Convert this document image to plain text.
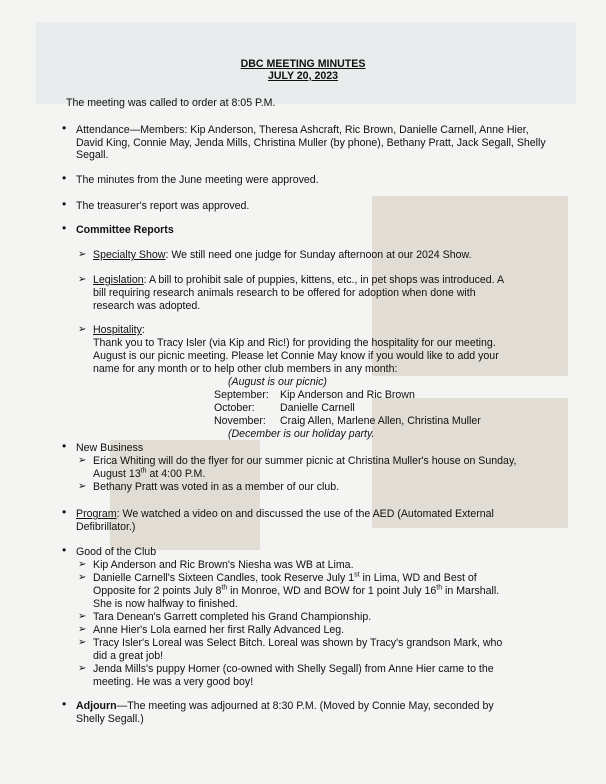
DBC MEETING MINUTES
JULY 20, 2023
The meeting was called to order at 8:05 P.M.
• Attendance—Members: Kip Anderson, Theresa Ashcraft, Ric Brown, Danielle Carnell, Anne Hier, David King, Connie May, Jenda Mills, Christina Muller (by phone), Bethany Pratt, Jack Segall, Shelly Segall.
• The minutes from the June meeting were approved.
• The treasurer's report was approved.
• Committee Reports
➢ Specialty Show: We still need one judge for Sunday afternoon at our 2024 Show.
➢ Legislation: A bill to prohibit sale of puppies, kittens, etc., in pet shops was introduced. A
bill requiring research animals research to be offered for adoption when done with
research was adopted.
➢ Hospitality:
Thank you to Tracy Isler (via Kip and Ric!) for providing the hospitality for our meeting.
August is our picnic meeting. Please let Connie May know if you would like to add your
name for any month or to help other club members in any month:
(August is our picnic)
September:	Kip Anderson and Ric Brown
October:	Danielle Carnell
November:	Craig Allen, Marlene Allen, Christina Muller
(December is our holiday party.
• New Business
➢ Erica Whiting will do the flyer for our summer picnic at Christina Muller's house on Sunday,
August 13th at 4:00 P.M.
➢ Bethany Pratt was voted in as a member of our club.
• Program: We watched a video on and discussed the use of the AED (Automated External
Defibrillator.)
• Good of the Club
➢ Kip Anderson and Ric Brown's Niesha was WB at Lima.
➢ Danielle Carnell's Sixteen Candles, took Reserve July 1st in Lima, WD and Best of
Opposite for 2 points July 8th in Monroe, WD and BOW for 1 point July 16th in Marshall.
She is now halfway to finished.
➢ Tara Denean's Garrett completed his Grand Championship.
➢ Anne Hier's Lola earned her first Rally Advanced Leg.
➢ Tracy Isler's Loreal was Select Bitch. Loreal was shown by Tracy's grandson Mark, who
did a great job!
➢ Jenda Mills's puppy Homer (co-owned with Shelly Segall) from Anne Hier came to the
meeting. He was a very good boy!
• Adjourn—The meeting was adjourned at 8:30 P.M. (Moved by Connie May, seconded by
Shelly Segall.)
